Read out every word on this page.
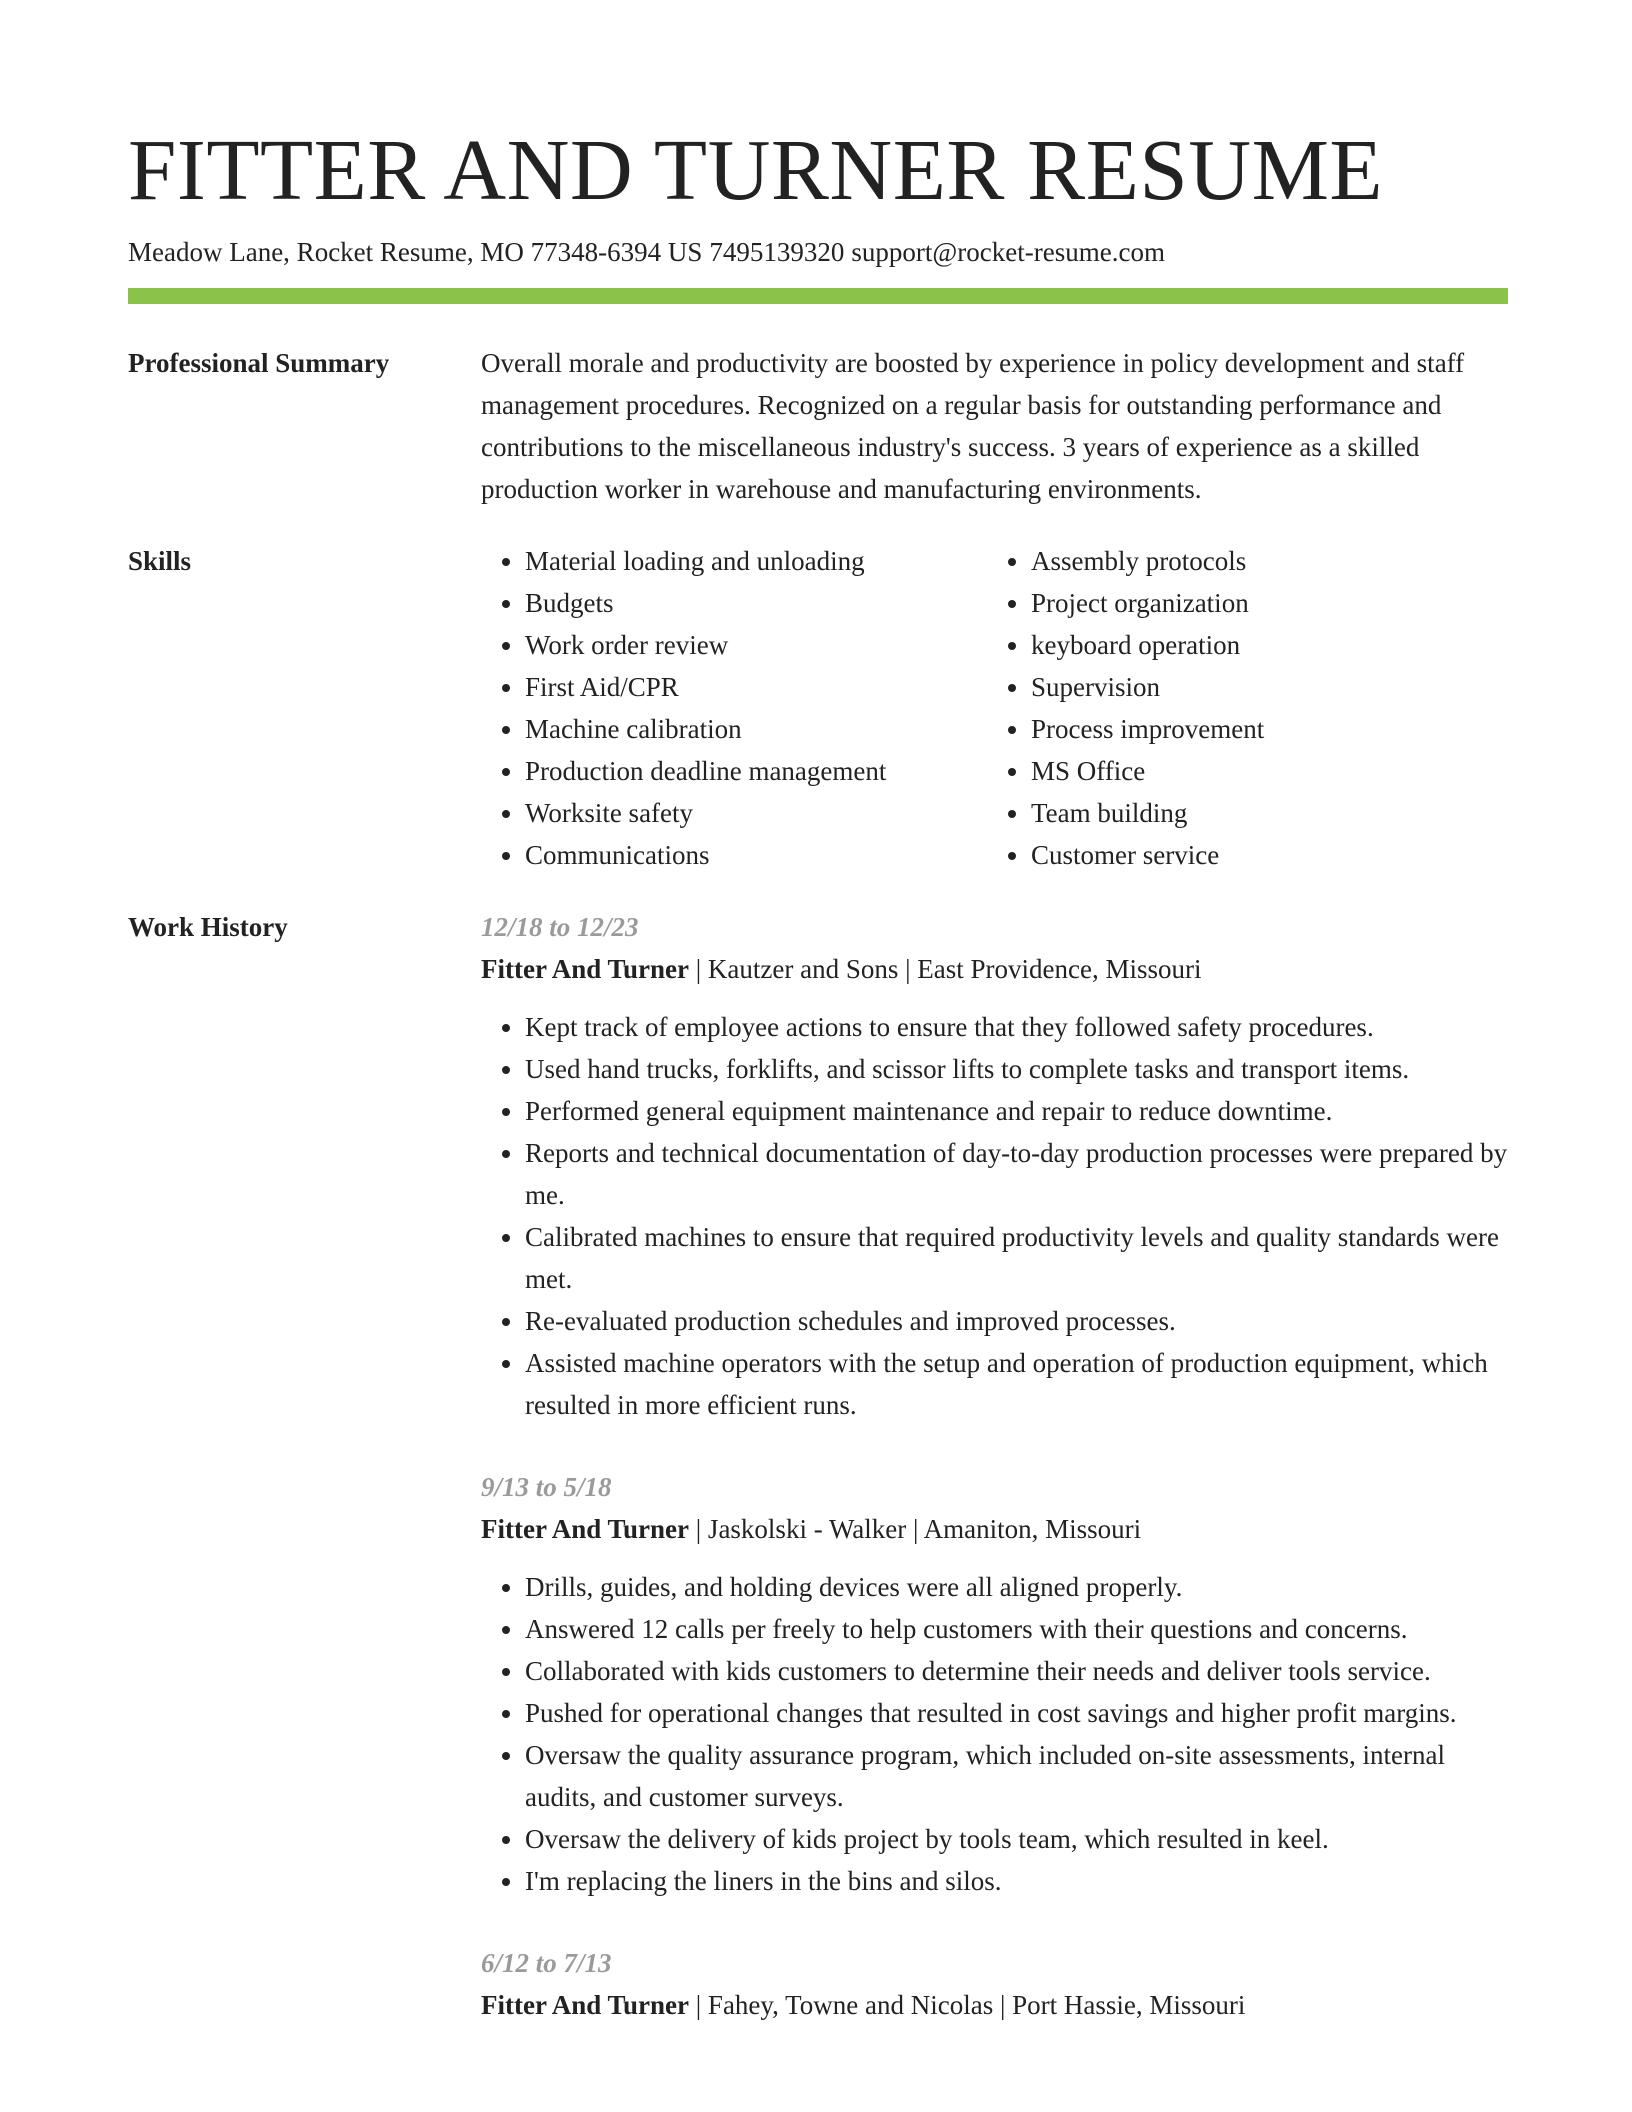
FITTER AND TURNER RESUME
Meadow Lane, Rocket Resume, MO 77348-6394 US 7495139320 support@rocket-resume.com
Professional Summary	Overall morale and productivity are boosted by experience in policy development and staff management procedures. Recognized on a regular basis for outstanding performance and contributions to the miscellaneous industry's success. 3 years of experience as a skilled production worker in warehouse and manufacturing environments.

Skills
•	Material loading and unloading
• Budgets
• Work order review
• First Aid/CPR
• Machine calibration
• Production deadline management
• Worksite safety
• Communications
• Assembly protocols
• Project organization
• keyboard operation
• Supervision
• Process improvement
• MS Office
• Team building
• Customer service
Work History	12/18 to 12/23
Fitter And Turner | Kautzer and Sons | East Providence, Missouri
• Kept track of employee actions to ensure that they followed safety procedures.
• Used hand trucks, forklifts, and scissor lifts to complete tasks and transport items.
• Performed general equipment maintenance and repair to reduce downtime.
• Reports and technical documentation of day-to-day production processes were prepared by me.
• Calibrated machines to ensure that required productivity levels and quality standards were met.
• Re-evaluated production schedules and improved processes.
• Assisted machine operators with the setup and operation of production equipment, which resulted in more efficient runs.
9/13 to 5/18
Fitter And Turner | Jaskolski - Walker | Amaniton, Missouri
• Drills, guides, and holding devices were all aligned properly.
• Answered 12 calls per freely to help customers with their questions and concerns.
• Collaborated with kids customers to determine their needs and deliver tools service.
• Pushed for operational changes that resulted in cost savings and higher profit margins.
• Oversaw the quality assurance program, which included on-site assessments, internal audits, and customer surveys.
• Oversaw the delivery of kids project by tools team, which resulted in keel.
• I'm replacing the liners in the bins and silos.
6/12 to 7/13
Fitter And Turner | Fahey, Towne and Nicolas | Port Hassie, Missouri
